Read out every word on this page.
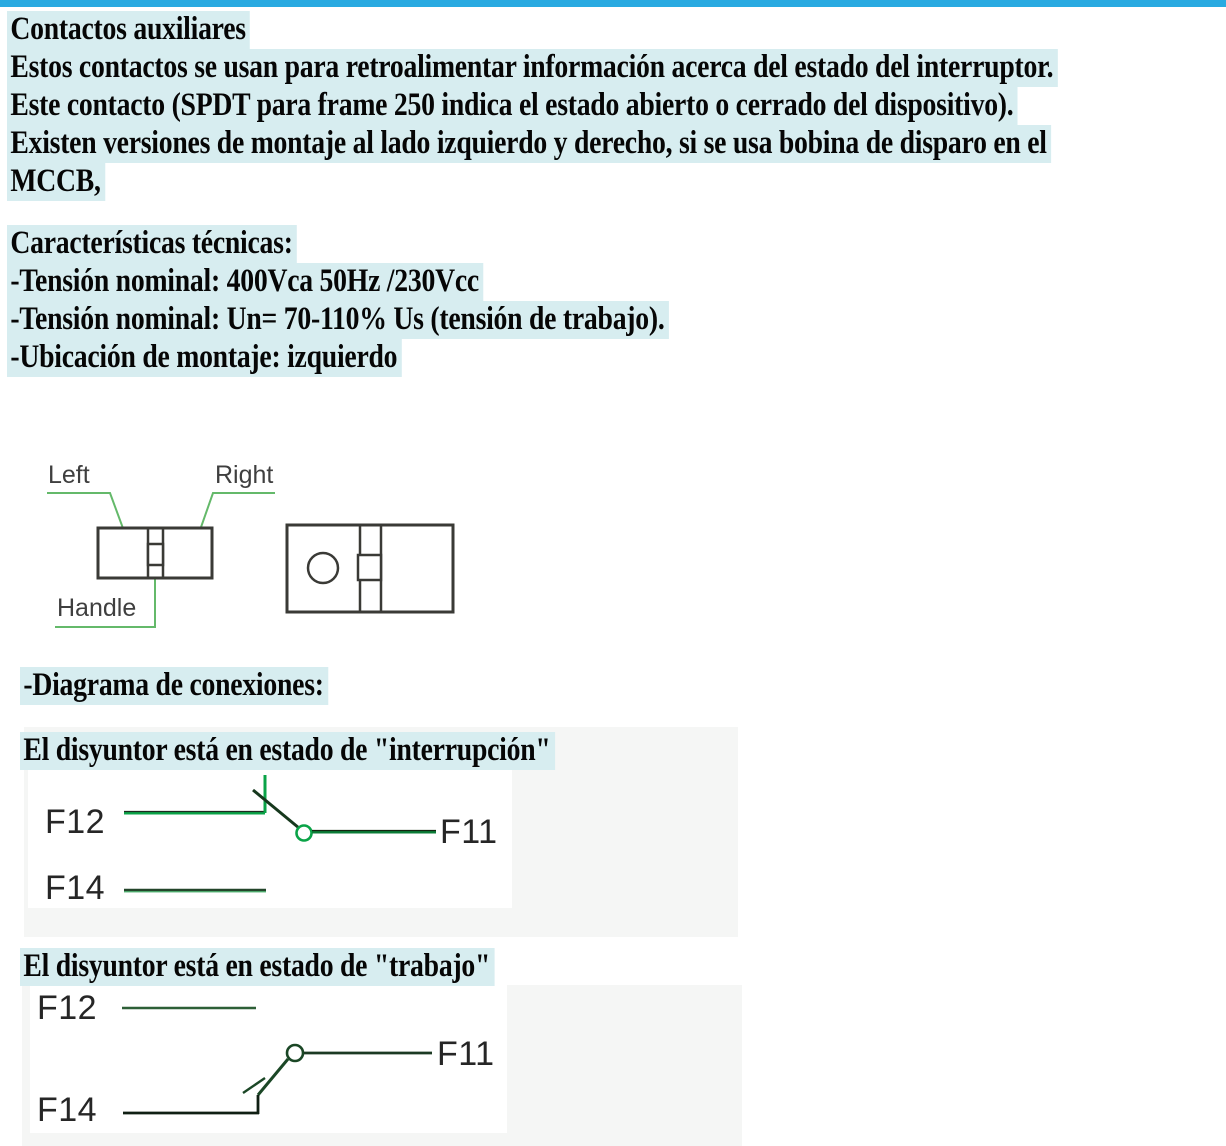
Contactos auxiliares
Estos contactos se usan para retroalimentar información acerca del estado del interruptor.
Este contacto (SPDT para frame 250 indica el estado abierto o cerrado del dispositivo).
Existen versiones de montaje al lado izquierdo y derecho, si se usa bobina de disparo en el
MCCB,
Características técnicas:
-Tensión nominal: 400Vca 50Hz /230Vcc
-Tensión nominal: Un= 70-110% Us (tensión de trabajo).
-Ubicación de montaje: izquierdo
Left	Right
Handle
-Diagrama de conexiones:
El disyuntor está en estado de "interrupción"
F12	F11
F14
El disyuntor está en estado de "trabajo"
F12
F11
F14
